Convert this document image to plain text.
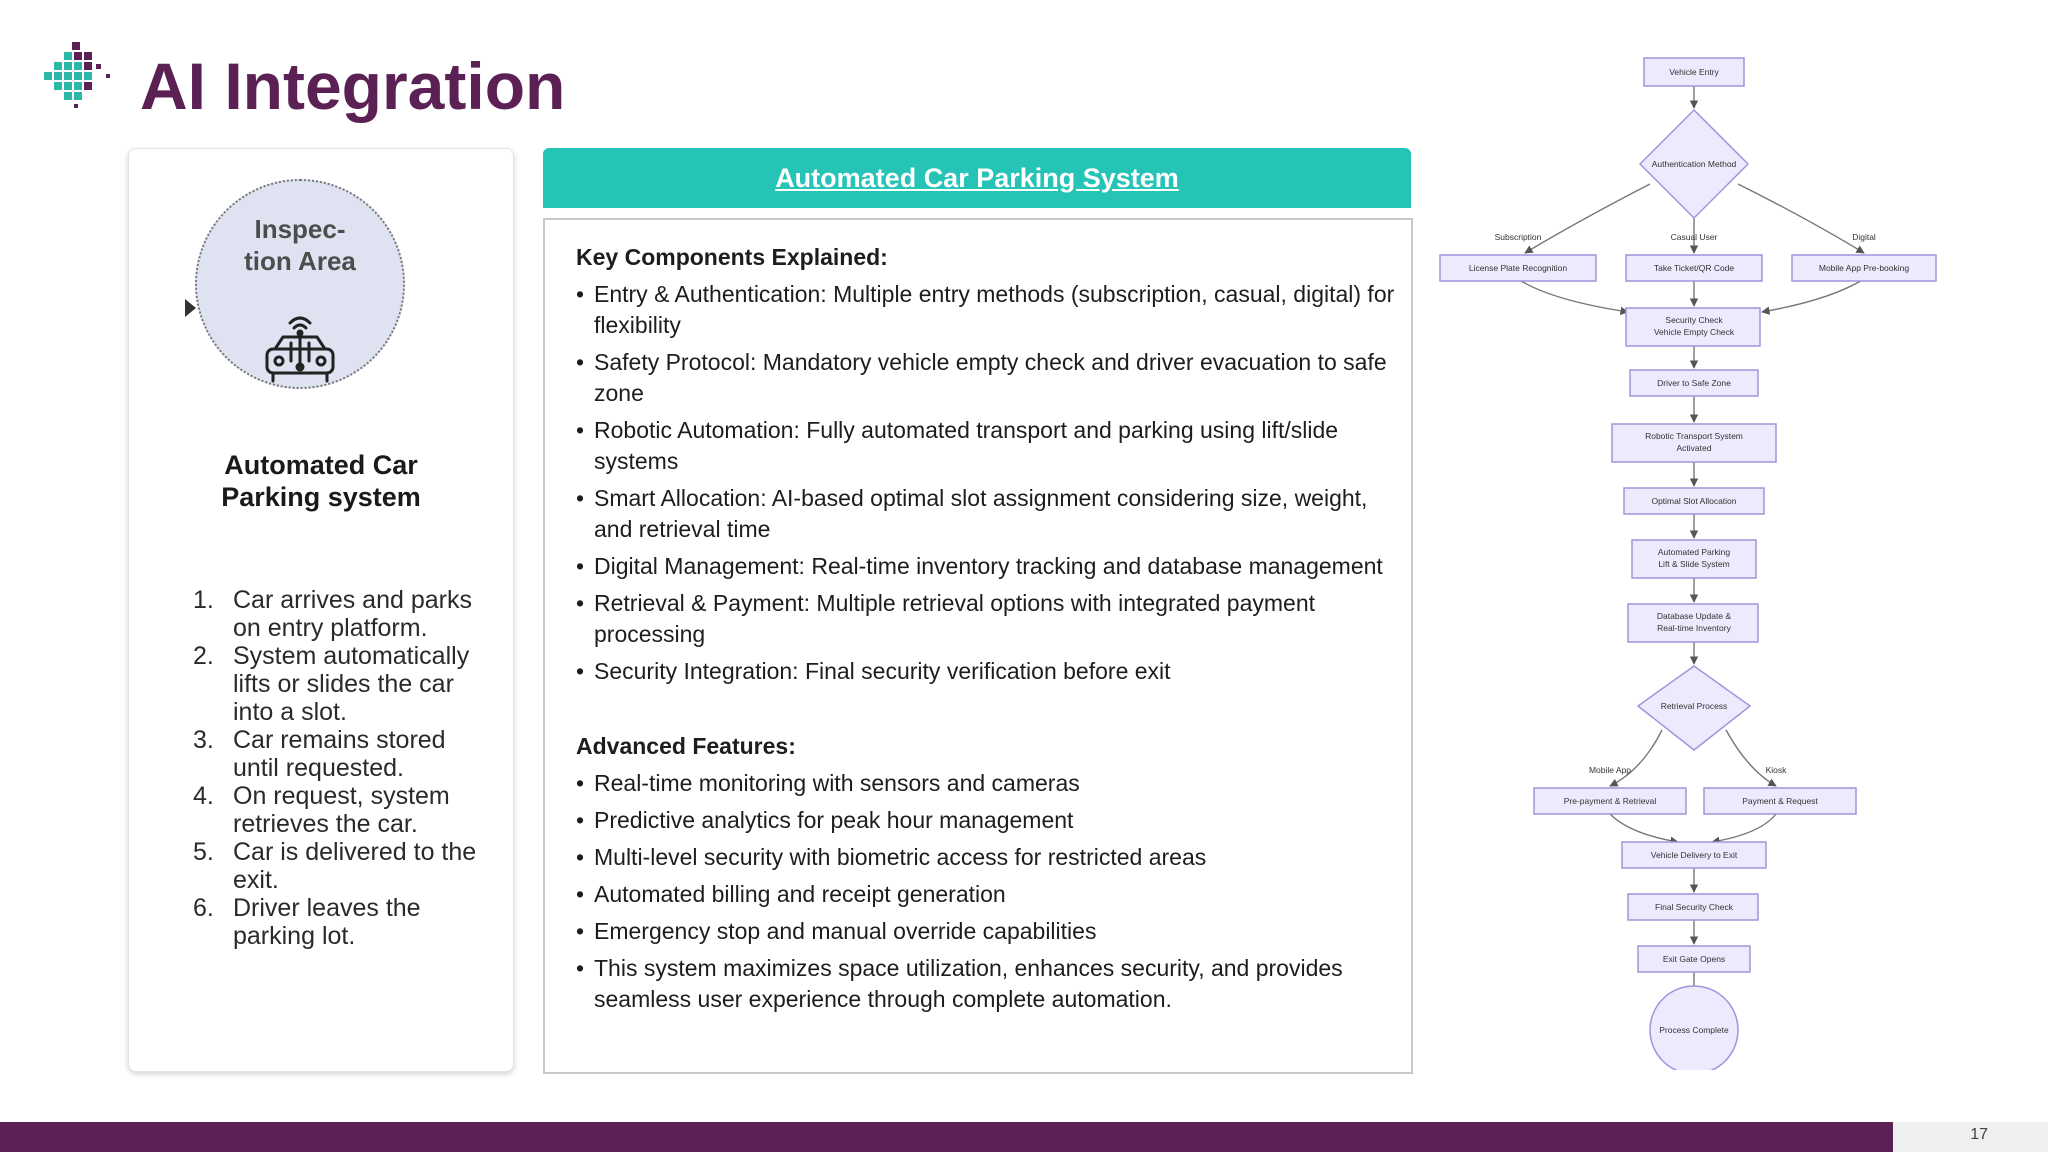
AI Integration
Inspec-
tion Area
Automated Car
Parking system
1. Car arrives and parks on entry platform.
2. System automatically lifts or slides the car into a slot.
3. Car remains stored until requested.
4. On request, system retrieves the car.
5. Car is delivered to the exit.
6. Driver leaves the parking lot.
Automated Car Parking System
Key Components Explained:
• Entry & Authentication: Multiple entry methods (subscription, casual, digital) for flexibility
• Safety Protocol: Mandatory vehicle empty check and driver evacuation to safe zone
• Robotic Automation: Fully automated transport and parking using lift/slide systems
• Smart Allocation: AI-based optimal slot assignment considering size, weight, and retrieval time
• Digital Management: Real-time inventory tracking and database management
• Retrieval & Payment: Multiple retrieval options with integrated payment processing
• Security Integration: Final security verification before exit
Advanced Features:
• Real-time monitoring with sensors and cameras
• Predictive analytics for peak hour management
• Multi-level security with biometric access for restricted areas
• Automated billing and receipt generation
• Emergency stop and manual override capabilities
• This system maximizes space utilization, enhances security, and provides seamless user experience through complete automation.
Vehicle Entry
Authentication Method
Subscription	Casual User	Digital
License Plate Recognition	Take Ticket/QR Code	Mobile App Pre-booking
Security Check
Vehicle Empty Check
Driver to Safe Zone
Robotic Transport System
Activated
Optimal Slot Allocation
Automated Parking
Lift & Slide System
Database Update &
Real-time Inventory
Retrieval Process
Mobile App	Kiosk
Pre-payment & Retrieval	Payment & Request
Vehicle Delivery to Exit
Final Security Check
Exit Gate Opens
Process Complete
17
